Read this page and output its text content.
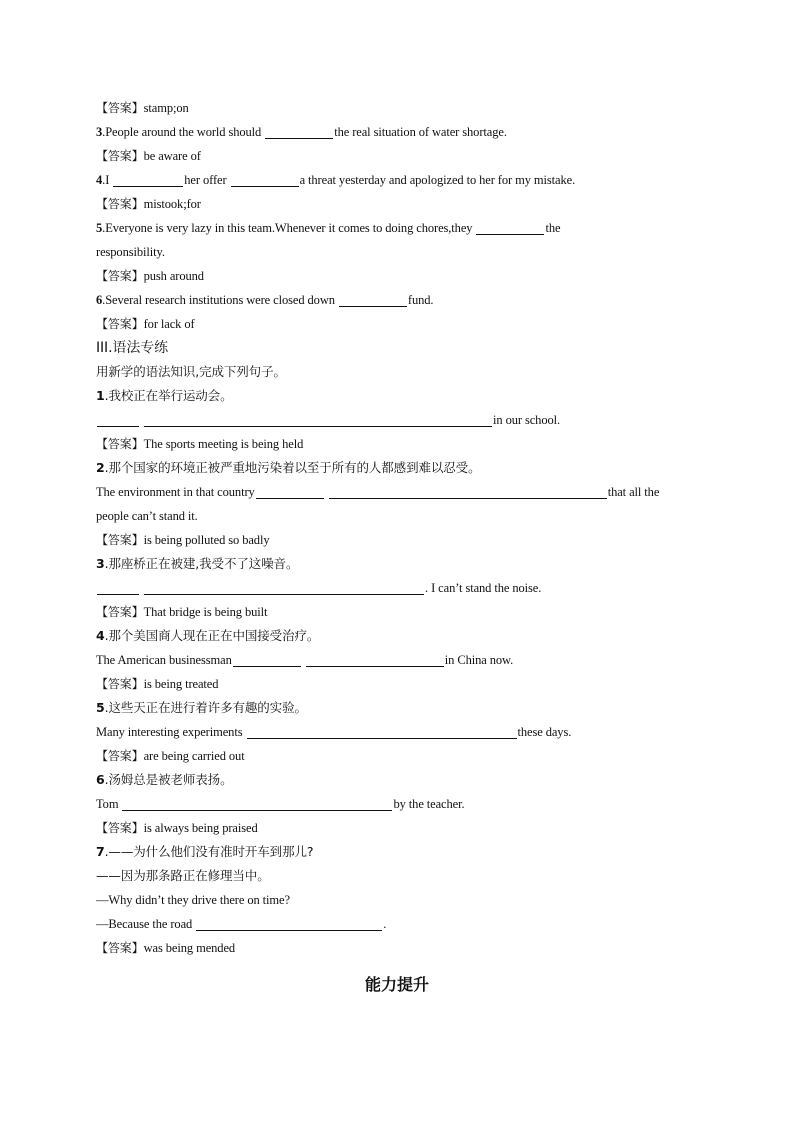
【答案】stamp;on
3.People around the world should	the real situation of water shortage.
【答案】be aware of
4.I	her offer	a threat yesterday and apologized to her for my mistake.
【答案】mistook;for
5.Everyone is very lazy in this team.Whenever it comes to doing chores,they	the
responsibility.
【答案】push around
6.Several research institutions were closed down	fund.
【答案】for lack of
III.语法专练
用新学的语法知识,完成下列句子。
1.我校正在举行运动会。
in our school.
【答案】The sports meeting is being held
2.那个国家的环境正被严重地污染着以至于所有的人都感到难以忍受。
The environment in that country	that all the
people can’t stand it.
【答案】is being polluted so badly
3.那座桥正在被建,我受不了这噪音。
. I can’t stand the noise.
【答案】That bridge is being built
4.那个美国商人现在正在中国接受治疗。
The American businessman	in China now.
【答案】is being treated
5.这些天正在进行着许多有趣的实验。
Many interesting experiments	these days.
【答案】are being carried out
6.汤姆总是被老师表扬。
Tom	by the teacher.
【答案】is always being praised
7.——为什么他们没有准时开车到那儿?
——因为那条路正在修理当中。
—Why didn’t they drive there on time?
—Because the road	.
【答案】was being mended
能力提升
